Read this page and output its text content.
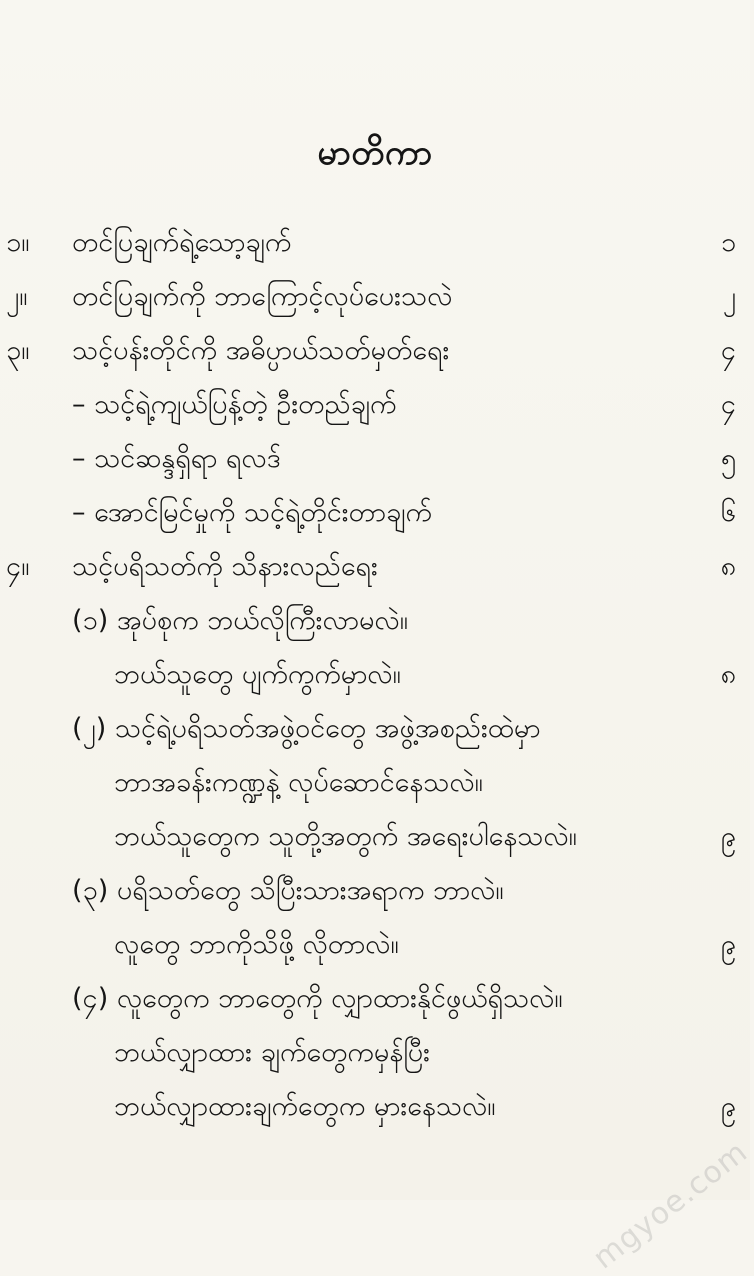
မာတိကာ
၁။ တင်ပြချက်ရဲ့သော့ချက်	၁
၂။ တင်ပြချက်ကို ဘာကြောင့်လုပ်ပေးသလဲ	၂
၃။ သင့်ပန်းတိုင်ကို အဓိပ္ပာယ်သတ်မှတ်ရေး	၄
– သင့်ရဲ့ကျယ်ပြန့်တဲ့ ဦးတည်ချက်	၄
– သင်ဆန္ဒရှိရာ ရလဒ်	၅
– အောင်မြင်မှုကို သင့်ရဲ့တိုင်းတာချက်	၆
၄။ သင့်ပရိသတ်ကို သိနားလည်ရေး	၈
(၁) အုပ်စုက ဘယ်လိုကြီးလာမလဲ။
ဘယ်သူတွေ ပျက်ကွက်မှာလဲ။	၈
(၂) သင့်ရဲ့ပရိသတ်အဖွဲ့ဝင်တွေ အဖွဲ့အစည်းထဲမှာ
ဘာအခန်းကဏ္ဍနဲ့ လုပ်ဆောင်နေသလဲ။
ဘယ်သူတွေက သူတို့အတွက် အရေးပါနေသလဲ။	၉
(၃) ပရိသတ်တွေ သိပြီးသားအရာက ဘာလဲ။
လူတွေ ဘာကိုသိဖို့ လိုတာလဲ။	၉
(၄) လူတွေက ဘာတွေကို လျှာထားနိုင်ဖွယ်ရှိသလဲ။
ဘယ်လျှာထား ချက်တွေကမှန်ပြီး
ဘယ်လျှာထားချက်တွေက မှားနေသလဲ။	၉
mgyoe.com
